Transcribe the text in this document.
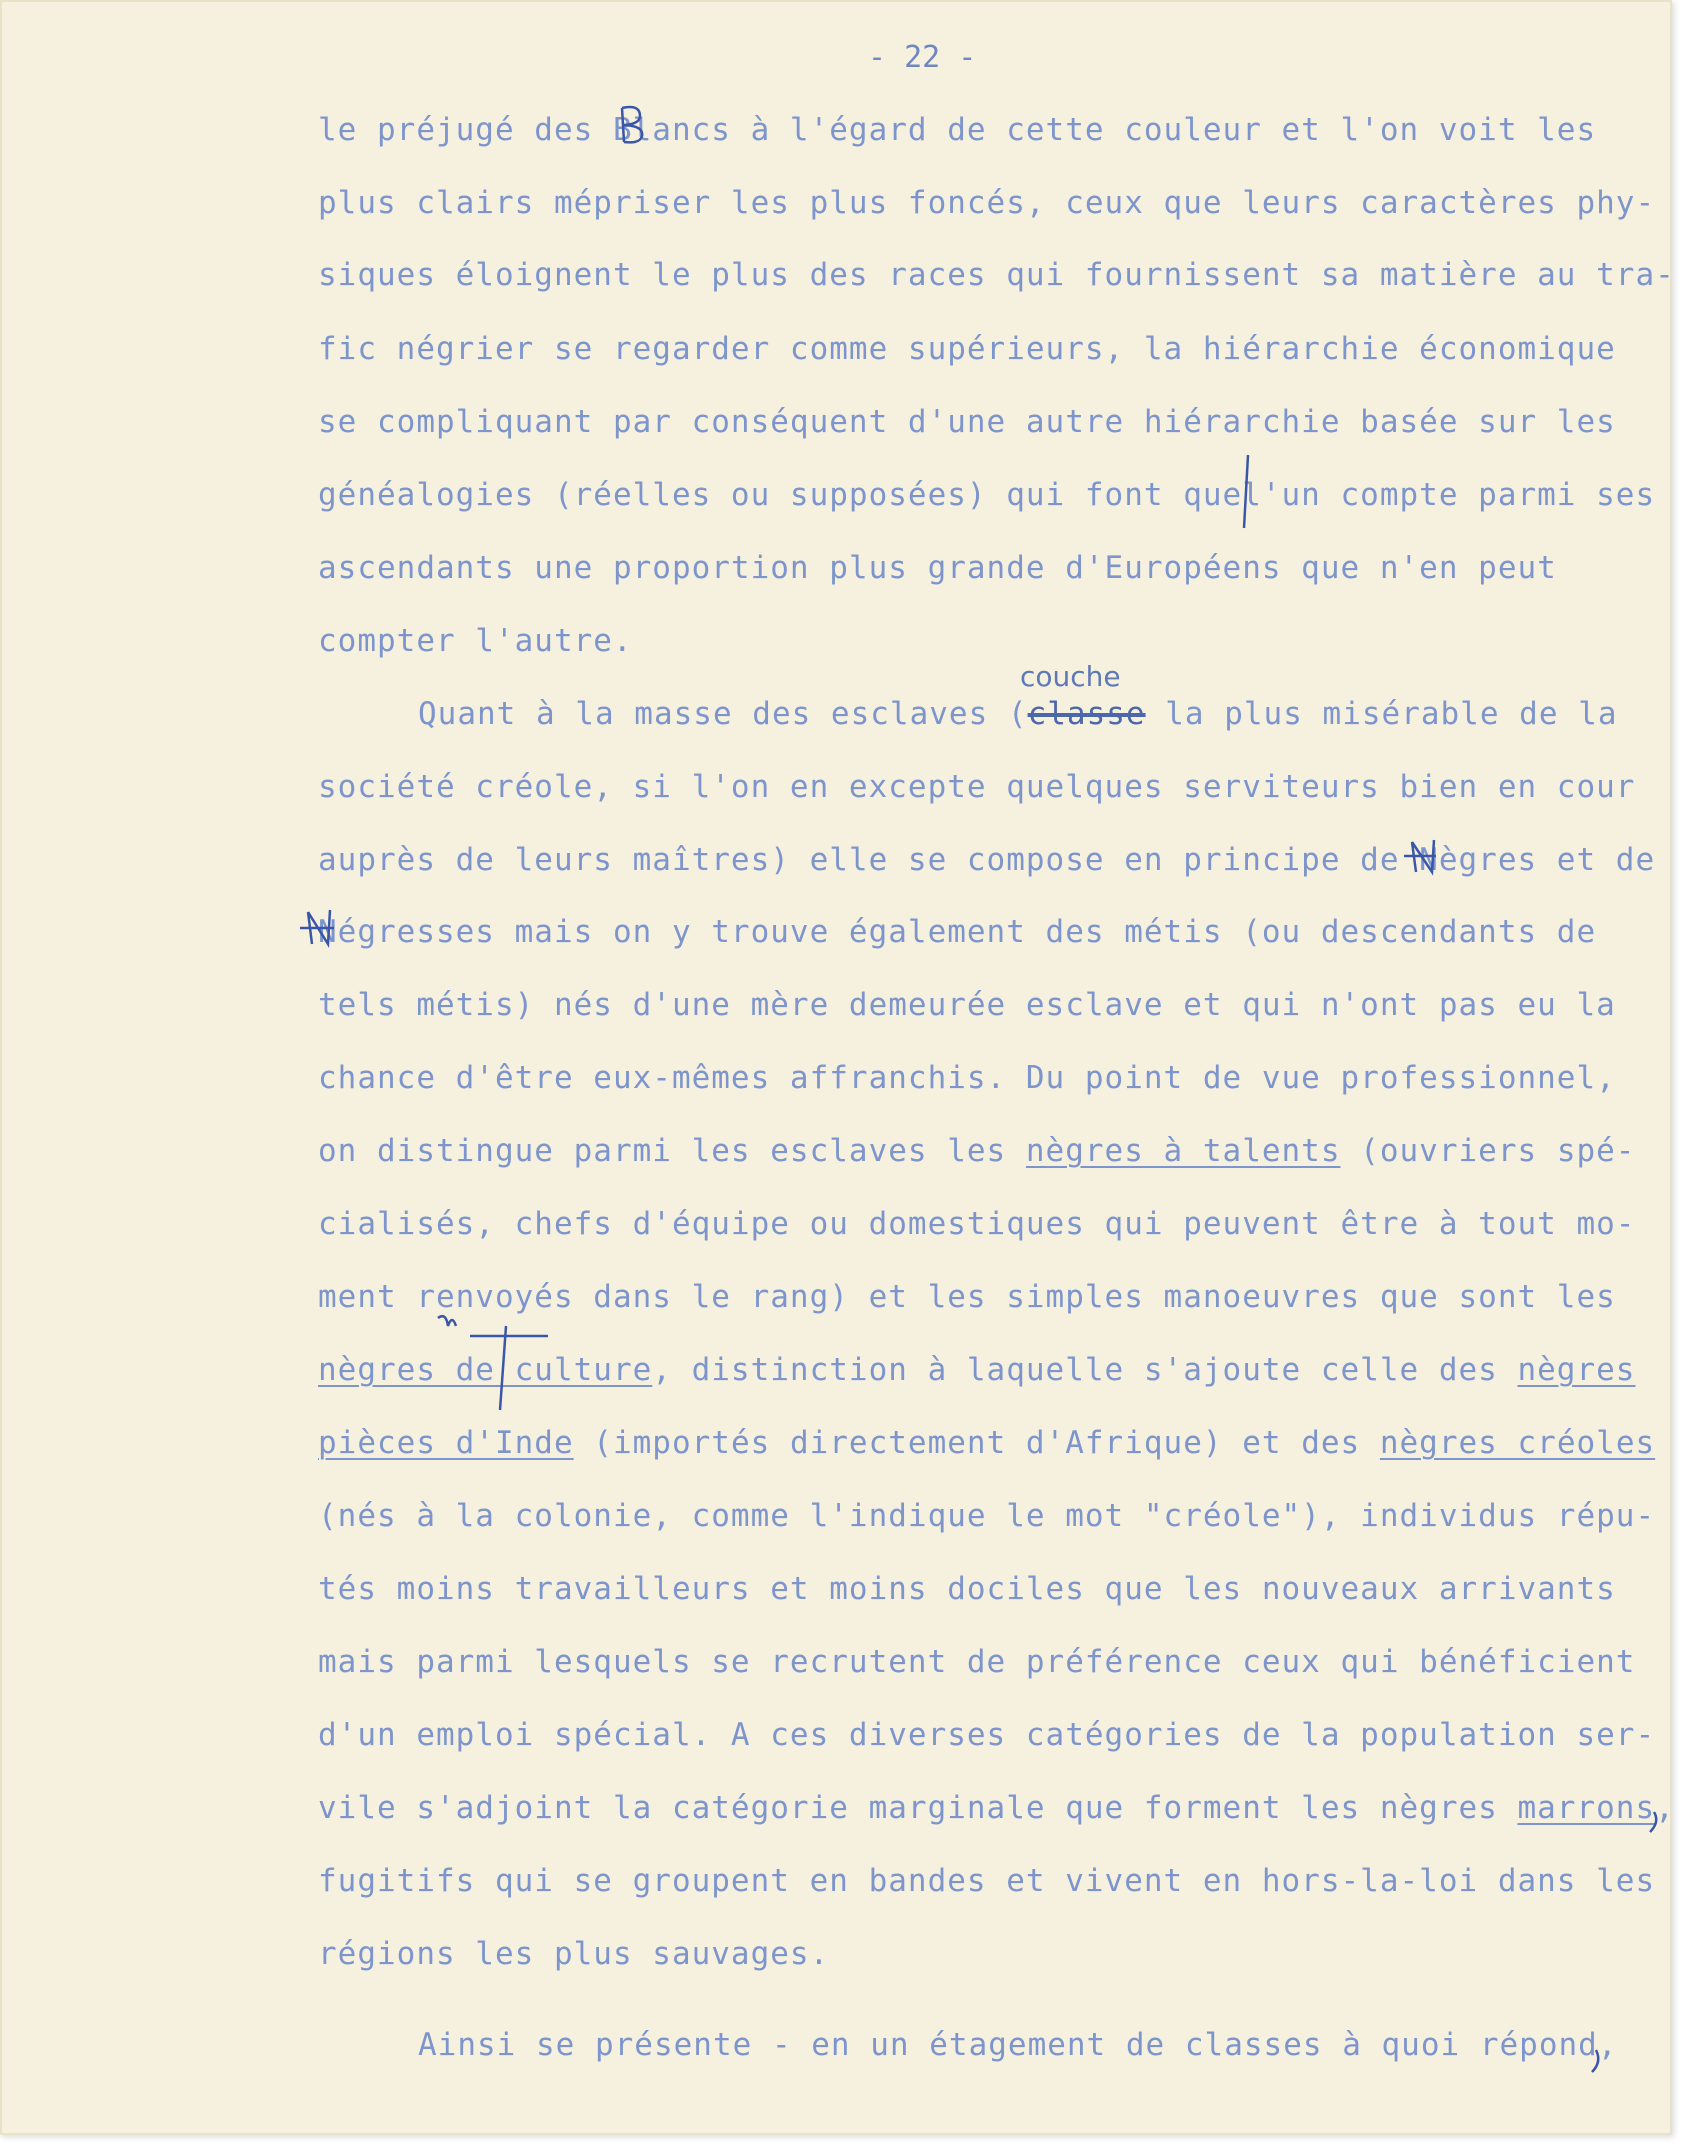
- 22 -
le préjugé des Blancs à l'égard de cette couleur et l'on voit les
plus clairs mépriser les plus foncés, ceux que leurs caractères phy-
siques éloignent le plus des races qui fournissent sa matière au tra-
fic négrier se regarder comme supérieurs, la hiérarchie économique
se compliquant par conséquent d'une autre hiérarchie basée sur les
généalogies (réelles ou supposées) qui font quel'un compte parmi ses
ascendants une proportion plus grande d'Européens que n'en peut
compter l'autre.
couche
Quant à la masse des esclaves (classe la plus misérable de la
société créole, si l'on en excepte quelques serviteurs bien en cour
auprès de leurs maîtres) elle se compose en principe de Nègres et de
Négresses mais on y trouve également des métis (ou descendants de
tels métis) nés d'une mère demeurée esclave et qui n'ont pas eu la
chance d'être eux-mêmes affranchis. Du point de vue professionnel,
on distingue parmi les esclaves les nègres à talents (ouvriers spé-
cialisés, chefs d'équipe ou domestiques qui peuvent être à tout mo-
ment renvoyés dans le rang) et les simples manoeuvres que sont les
nègres de culture, distinction à laquelle s'ajoute celle des nègres
pièces d'Inde (importés directement d'Afrique) et des nègres créoles
(nés à la colonie, comme l'indique le mot "créole"), individus répu-
tés moins travailleurs et moins dociles que les nouveaux arrivants
mais parmi lesquels se recrutent de préférence ceux qui bénéficient
d'un emploi spécial. A ces diverses catégories de la population ser-
vile s'adjoint la catégorie marginale que forment les nègres marrons,
fugitifs qui se groupent en bandes et vivent en hors-la-loi dans les
régions les plus sauvages.
Ainsi se présente - en un étagement de classes à quoi répond,
